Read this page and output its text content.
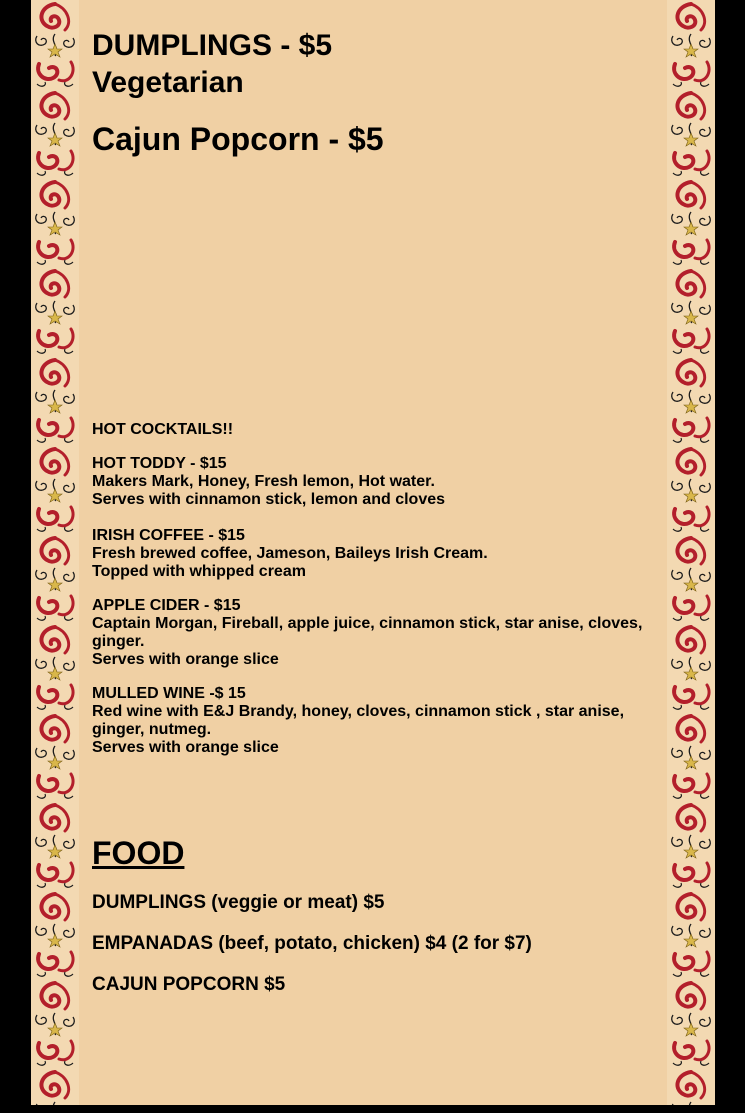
DUMPLINGS - $5
Vegetarian
Cajun Popcorn - $5
HOT COCKTAILS!!
HOT TODDY - $15
Makers Mark, Honey, Fresh lemon, Hot water.
Serves with cinnamon stick, lemon and cloves
IRISH COFFEE - $15
Fresh brewed coffee, Jameson, Baileys Irish Cream.
Topped with whipped cream
APPLE CIDER - $15
Captain Morgan, Fireball, apple juice, cinnamon stick, star anise, cloves, ginger.
Serves with orange slice
MULLED WINE -$ 15
Red wine with E&J Brandy, honey, cloves, cinnamon stick , star anise, ginger, nutmeg.
Serves with orange slice
FOOD
DUMPLINGS (veggie or meat) $5
EMPANADAS (beef, potato, chicken) $4 (2 for $7)
CAJUN POPCORN $5
